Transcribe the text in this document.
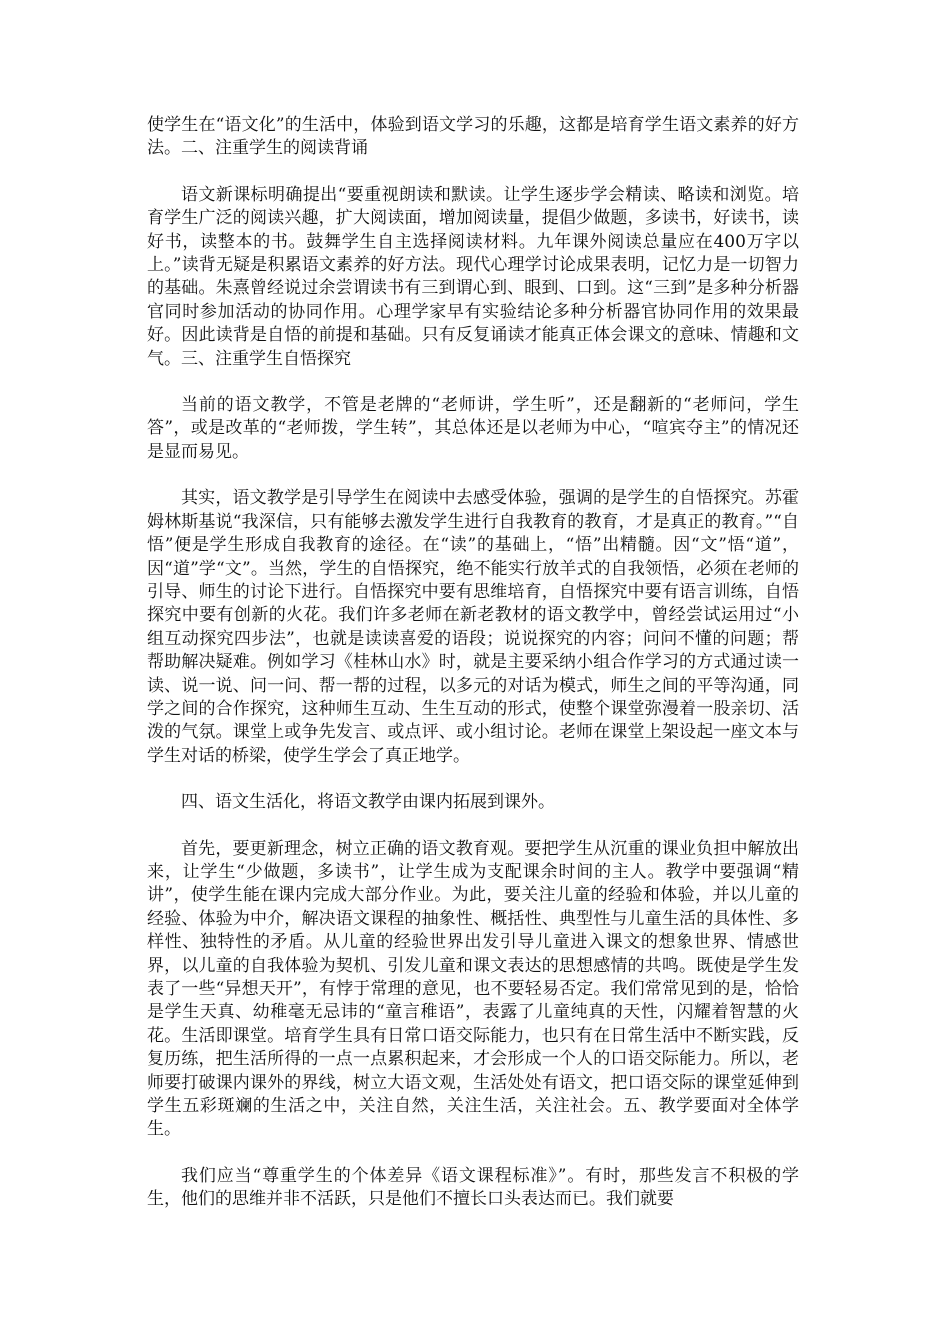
使学生在“语文化”的生活中，体验到语文学习的乐趣，这都是培育学生语文素养的好方法。二、注重学生的阅读背诵

语文新课标明确提出“要重视朗读和默读。让学生逐步学会精读、略读和浏览。培育学生广泛的阅读兴趣，扩大阅读面，增加阅读量，提倡少做题，多读书，好读书，读好书，读整本的书。鼓舞学生自主选择阅读材料。九年课外阅读总量应在400万字以上。”读背无疑是积累语文素养的好方法。现代心理学讨论成果表明，记忆力是一切智力的基础。朱熹曾经说过余尝谓读书有三到谓心到、眼到、口到。这“三到”是多种分析器官同时参加活动的协同作用。心理学家早有实验结论多种分析器官协同作用的效果最好。因此读背是自悟的前提和基础。只有反复诵读才能真正体会课文的意味、情趣和文气。三、注重学生自悟探究

当前的语文教学，不管是老牌的“老师讲，学生听”，还是翻新的“老师问，学生答”，或是改革的“老师拨，学生转”，其总体还是以老师为中心，“喧宾夺主”的情况还是显而易见。

其实，语文教学是引导学生在阅读中去感受体验，强调的是学生的自悟探究。苏霍姆林斯基说“我深信，只有能够去激发学生进行自我教育的教育，才是真正的教育。”“自悟”便是学生形成自我教育的途径。在“读”的基础上，“悟”出精髓。因“文”悟“道”，因“道”学“文”。当然，学生的自悟探究，绝不能实行放羊式的自我领悟，必须在老师的引导、师生的讨论下进行。自悟探究中要有思维培育，自悟探究中要有语言训练，自悟探究中要有创新的火花。我们许多老师在新老教材的语文教学中，曾经尝试运用过“小组互动探究四步法”，也就是读读喜爱的语段；说说探究的内容；问问不懂的问题；帮帮助解决疑难。例如学习《桂林山水》时，就是主要采纳小组合作学习的方式通过读一读、说一说、问一问、帮一帮的过程，以多元的对话为模式，师生之间的平等沟通，同学之间的合作探究，这种师生互动、生生互动的形式，使整个课堂弥漫着一股亲切、活泼的气氛。课堂上或争先发言、或点评、或小组讨论。老师在课堂上架设起一座文本与学生对话的桥梁，使学生学会了真正地学。

四、语文生活化，将语文教学由课内拓展到课外。

首先，要更新理念，树立正确的语文教育观。要把学生从沉重的课业负担中解放出来，让学生“少做题，多读书”，让学生成为支配课余时间的主人。教学中要强调“精讲”，使学生能在课内完成大部分作业。为此，要关注儿童的经验和体验，并以儿童的经验、体验为中介，解决语文课程的抽象性、概括性、典型性与儿童生活的具体性、多样性、独特性的矛盾。从儿童的经验世界出发引导儿童进入课文的想象世界、情感世界，以儿童的自我体验为契机、引发儿童和课文表达的思想感情的共鸣。既使是学生发表了一些“异想天开”，有悖于常理的意见，也不要轻易否定。我们常常见到的是，恰恰是学生天真、幼稚毫无忌讳的“童言稚语”，表露了儿童纯真的天性，闪耀着智慧的火花。生活即课堂。培育学生具有日常口语交际能力，也只有在日常生活中不断实践，反复历练，把生活所得的一点一点累积起来，才会形成一个人的口语交际能力。所以，老师要打破课内课外的界线，树立大语文观，生活处处有语文，把口语交际的课堂延伸到学生五彩斑斓的生活之中，关注自然，关注生活，关注社会。五、教学要面对全体学生。

我们应当“尊重学生的个体差异《语文课程标准》”。有时，那些发言不积极的学生，他们的思维并非不活跃，只是他们不擅长口头表达而已。我们就要
